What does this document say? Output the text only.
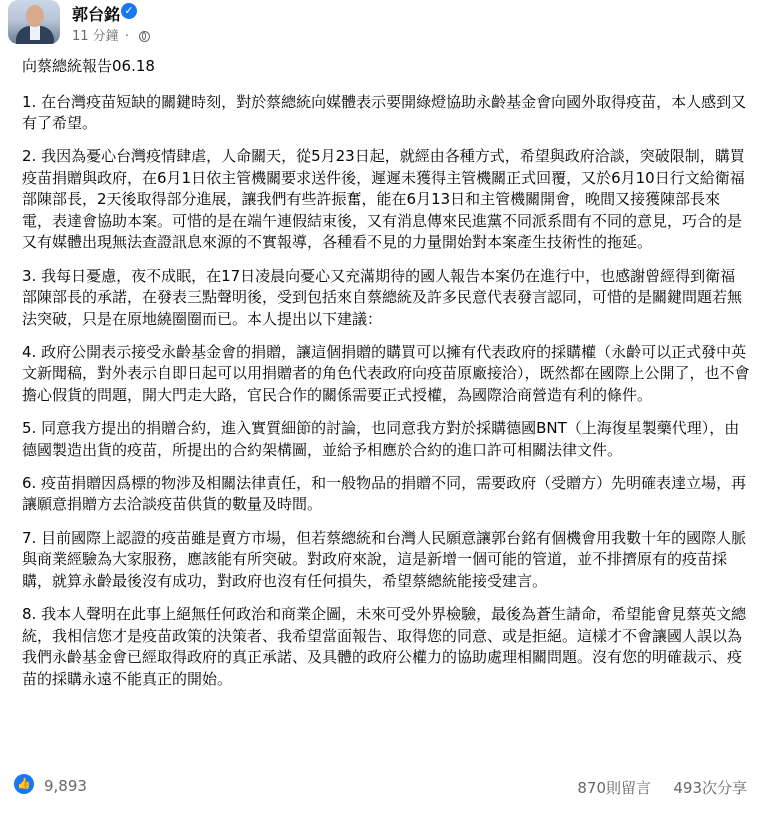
郭台銘 ✓
11 分鐘 ·

向蔡總統報告06.18

1. 在台灣疫苗短缺的關鍵時刻，對於蔡總統向媒體表示要開綠燈協助永齡基金會向國外取得疫苗，本人感到又有了希望。

2. 我因為憂心台灣疫情肆虐，人命關天，從5月23日起，就經由各種方式，希望與政府洽談，突破限制，購買疫苗捐贈與政府，在6月1日依主管機關要求送件後，遲遲未獲得主管機關正式回覆，又於6月10日行文給衛福部陳部長，2天後取得部分進展，讓我們有些許振奮，能在6月13日和主管機關開會，晚間又接獲陳部長來電，表達會協助本案。可惜的是在端午連假結束後，又有消息傳來民進黨不同派系間有不同的意見，巧合的是又有媒體出現無法查證訊息來源的不實報導，各種看不見的力量開始對本案產生技術性的拖延。

3. 我每日憂慮，夜不成眠，在17日凌晨向憂心又充滿期待的國人報告本案仍在進行中，也感謝曾經得到衛福部陳部長的承諾，在發表三點聲明後，受到包括來自蔡總統及許多民意代表發言認同，可惜的是關鍵問題若無法突破，只是在原地繞圈圈而已。本人提出以下建議：

4. 政府公開表示接受永齡基金會的捐贈，讓這個捐贈的購買可以擁有代表政府的採購權（永齡可以正式發中英文新聞稿，對外表示自即日起可以用捐贈者的角色代表政府向疫苗原廠接洽），既然都在國際上公開了，也不會擔心假貨的問題，開大門走大路，官民合作的關係需要正式授權，為國際洽商營造有利的條件。

5. 同意我方提出的捐贈合約，進入實質細節的討論，也同意我方對於採購德國BNT（上海復星製藥代理），由德國製造出貨的疫苗，所提出的合約架構圖，並給予相應於合約的進口許可相關法律文件。

6. 疫苗捐贈因爲標的物涉及相關法律責任，和一般物品的捐贈不同，需要政府（受贈方）先明確表達立場，再讓願意捐贈方去洽談疫苗供貨的數量及時間。

7. 目前國際上認證的疫苗雖是賣方市場，但若蔡總統和台灣人民願意讓郭台銘有個機會用我數十年的國際人脈與商業經驗為大家服務，應該能有所突破。對政府來說，這是新增一個可能的管道，並不排擠原有的疫苗採購，就算永齡最後沒有成功，對政府也沒有任何損失，希望蔡總統能接受建言。

8. 我本人聲明在此事上絕無任何政治和商業企圖，未來可受外界檢驗，最後為蒼生請命，希望能會見蔡英文總統，我相信您才是疫苗政策的決策者、我希望當面報告、取得您的同意、或是拒絕。這樣才不會讓國人誤以為我們永齡基金會已經取得政府的真正承諾、及具體的政府公權力的協助處理相關問題。沒有您的明確裁示、疫苗的採購永遠不能真正的開始。

👍 9,893	870則留言 493次分享
